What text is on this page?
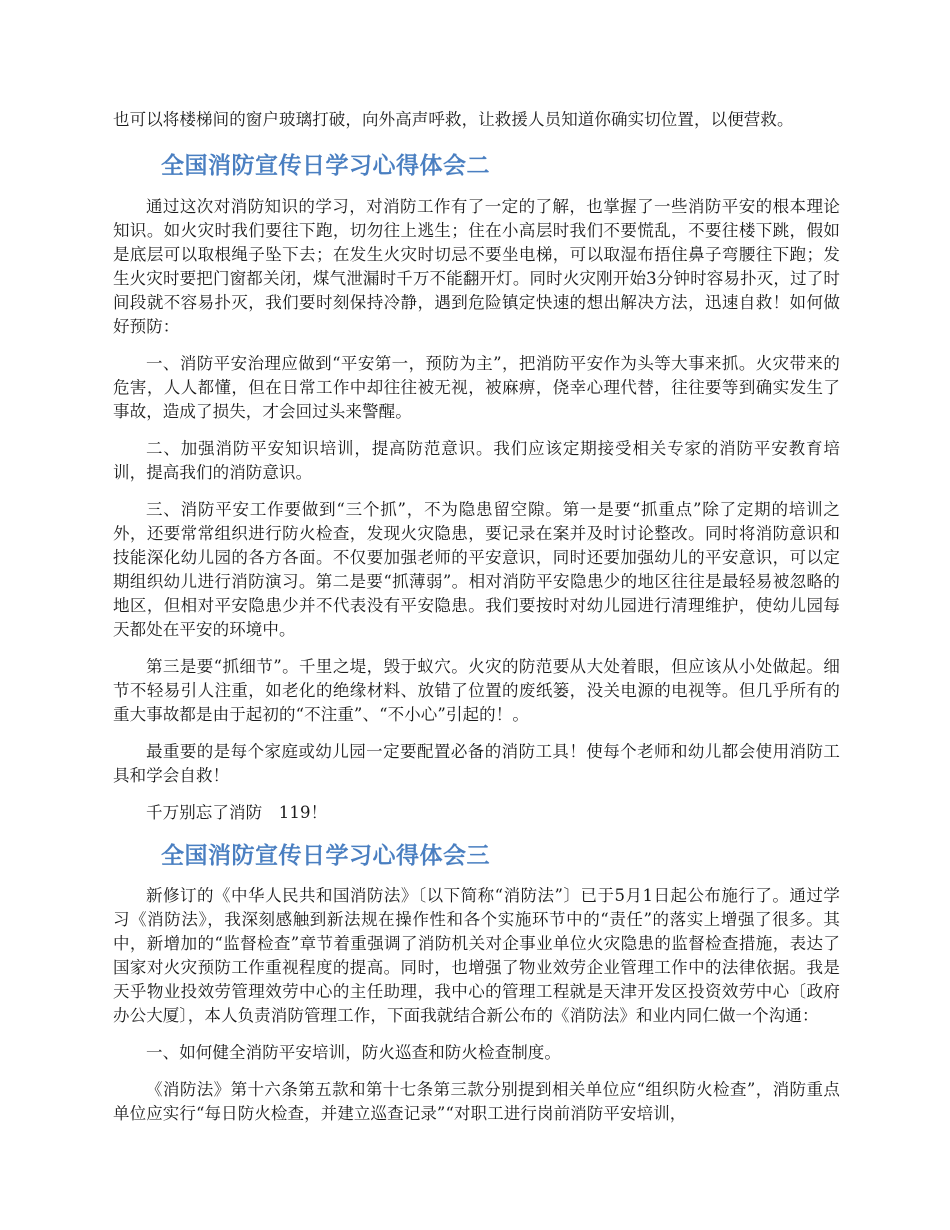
也可以将楼梯间的窗户玻璃打破，向外高声呼救，让救援人员知道你确实切位置，以便营救。

全国消防宣传日学习心得体会二

通过这次对消防知识的学习，对消防工作有了一定的了解，也掌握了一些消防平安的根本理论知识。如火灾时我们要往下跑，切勿往上逃生；住在小高层时我们不要慌乱，不要往楼下跳，假如是底层可以取根绳子坠下去；在发生火灾时切忌不要坐电梯，可以取湿布捂住鼻子弯腰往下跑；发生火灾时要把门窗都关闭，煤气泄漏时千万不能翻开灯。同时火灾刚开始3分钟时容易扑灭，过了时间段就不容易扑灭，我们要时刻保持冷静，遇到危险镇定快速的想出解决方法，迅速自救！如何做好预防：

一、消防平安治理应做到“平安第一，预防为主”，把消防平安作为头等大事来抓。火灾带来的危害，人人都懂，但在日常工作中却往往被无视，被麻痹，侥幸心理代替，往往要等到确实发生了事故，造成了损失，才会回过头来警醒。

二、加强消防平安知识培训，提高防范意识。我们应该定期接受相关专家的消防平安教育培训，提高我们的消防意识。

三、消防平安工作要做到“三个抓”，不为隐患留空隙。第一是要“抓重点”除了定期的培训之外，还要常常组织进行防火检查，发现火灾隐患，要记录在案并及时讨论整改。同时将消防意识和技能深化幼儿园的各方各面。不仅要加强老师的平安意识，同时还要加强幼儿的平安意识，可以定期组织幼儿进行消防演习。第二是要“抓薄弱”。相对消防平安隐患少的地区往往是最轻易被忽略的地区，但相对平安隐患少并不代表没有平安隐患。我们要按时对幼儿园进行清理维护，使幼儿园每天都处在平安的环境中。

第三是要“抓细节”。千里之堤，毁于蚁穴。火灾的防范要从大处着眼，但应该从小处做起。细节不轻易引人注重，如老化的绝缘材料、放错了位置的废纸篓，没关电源的电视等。但几乎所有的重大事故都是由于起初的“不注重”、“不小心”引起的！。

最重要的是每个家庭或幼儿园一定要配置必备的消防工具！使每个老师和幼儿都会使用消防工具和学会自救！

千万别忘了消防　119！

全国消防宣传日学习心得体会三

新修订的《中华人民共和国消防法》〔以下简称“消防法”〕已于5月1日起公布施行了。通过学习《消防法》，我深刻感触到新法规在操作性和各个实施环节中的“责任”的落实上增强了很多。其中，新增加的“监督检查”章节着重强调了消防机关对企事业单位火灾隐患的监督检查措施，表达了国家对火灾预防工作重视程度的提高。同时，也增强了物业效劳企业管理工作中的法律依据。我是天乎物业投效劳管理效劳中心的主任助理，我中心的管理工程就是天津开发区投资效劳中心〔政府办公大厦〕，本人负责消防管理工作，下面我就结合新公布的《消防法》和业内同仁做一个沟通：

一、如何健全消防平安培训，防火巡查和防火检查制度。

《消防法》第十六条第五款和第十七条第三款分别提到相关单位应“组织防火检查”，消防重点单位应实行“每日防火检查，并建立巡查记录”“对职工进行岗前消防平安培训，
